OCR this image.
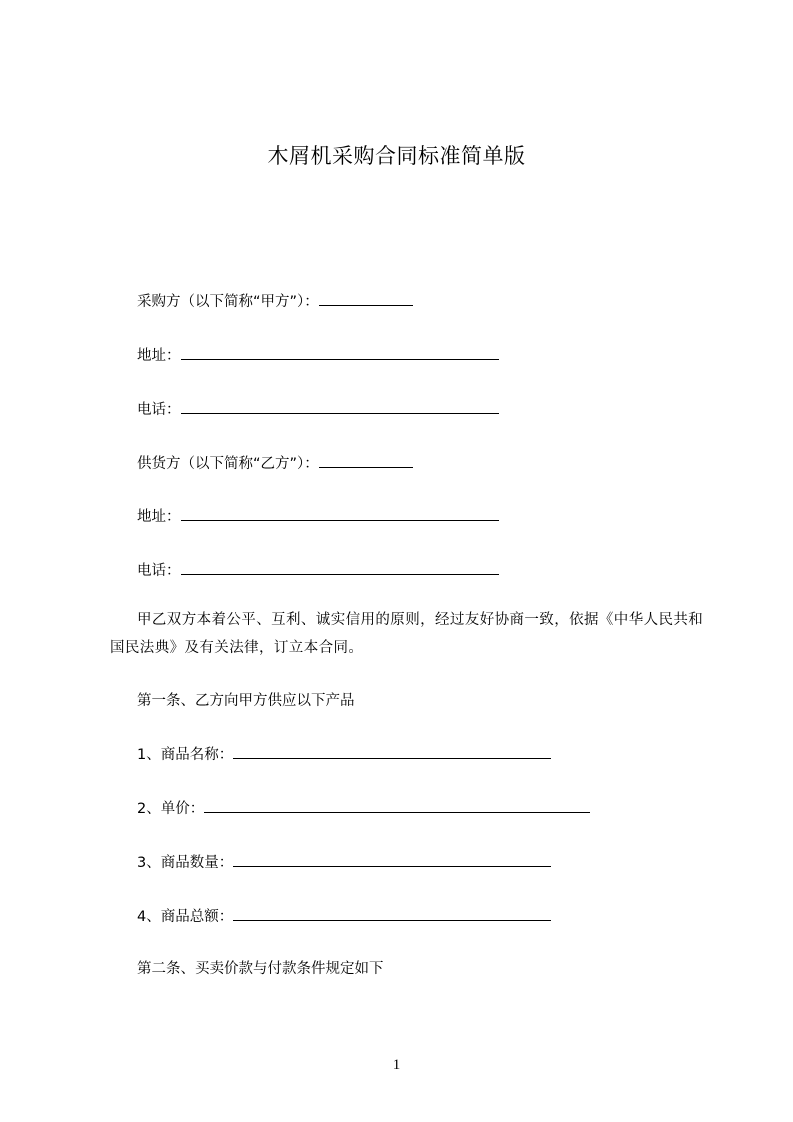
木屑机采购合同标准简单版
采购方（以下简称“甲方”）：
地址：
电话：
供货方（以下简称“乙方”）：
地址：
电话：
甲乙双方本着公平、互利、诚实信用的原则，经过友好协商一致，依据《中华人民共和国民法典》及有关法律，订立本合同。
第一条、乙方向甲方供应以下产品
1、商品名称：
2、单价：
3、商品数量：
4、商品总额：
第二条、买卖价款与付款条件规定如下
1
